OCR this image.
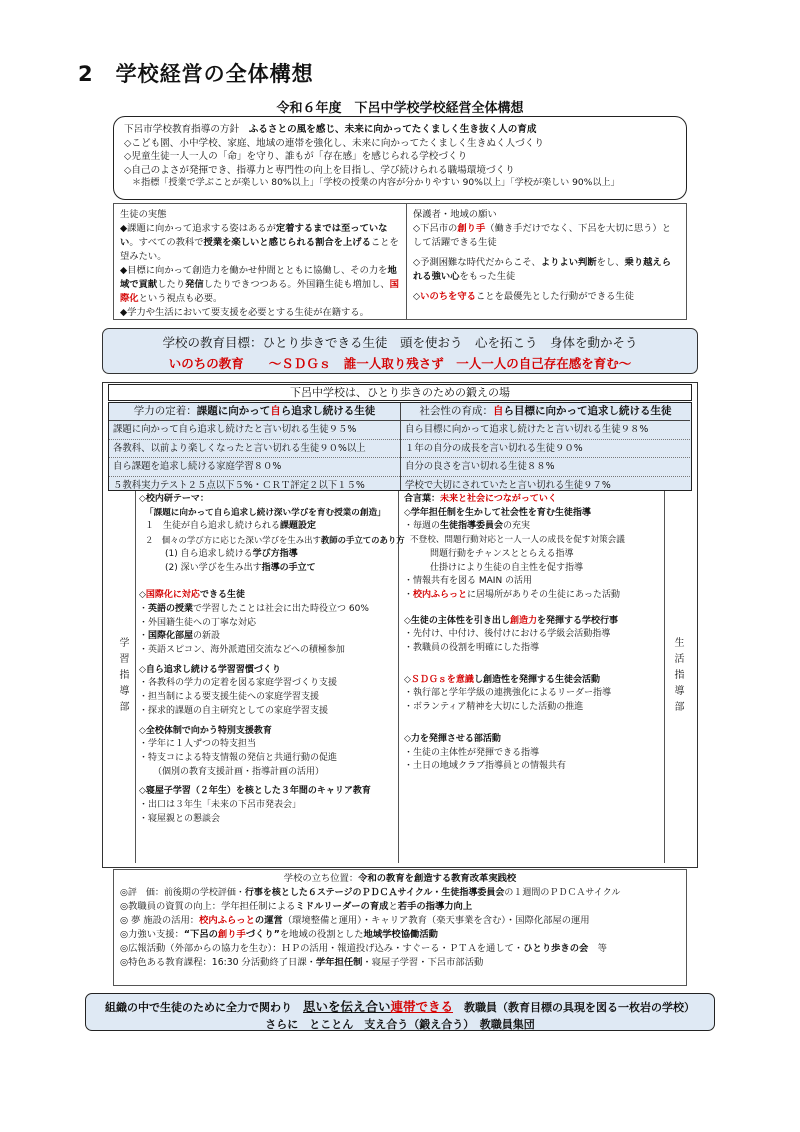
2　学校経営の全体構想
令和６年度　下呂中学校学校経営全体構想
下呂市学校教育指導の方針　 ふるさとの風を感じ、未来に向かってたくましく生き抜く人の育成
◇こども園、小中学校、家庭、地域の連帯を強化し、未来に向かってたくましく生きぬく人づくり
◇児童生徒一人一人の「命」を守り、誰もが「存在感」を感じられる学校づくり
◇自己のよさが発揮でき、指導力と専門性の向上を目指し、学び続けられる職場環境づくり
＊指標「授業で学ぶことが楽しい 80%以上」「学校の授業の内容が分かりやすい 90%以上」「学校が楽しい 90%以上」
生徒の実態
◆課題に向かって追求する姿はあるが定着するまでは至っていない。すべての教科で授業を楽しいと感じられる割合を上げることを望みたい。
◆目標に向かって創造力を働かせ仲間とともに協働し、その力を地域で貢献したり発信したりできつつある。外国籍生徒も増加し、国際化という視点も必要。
◆学力や生活において要支援を必要とする生徒が在籍する。
保護者・地域の願い
◇下呂市の創り手（働き手だけでなく、下呂を大切に思う）として活躍できる生徒
◇予測困難な時代だからこそ、よりよい判断をし、乗り越えられる強い心をもった生徒
◇いのちを守ることを最優先とした行動ができる生徒
学校の教育目標：ひとり歩きできる生徒　頭を使おう　心を拓こう　身体を動かそう
いのちの教育　　～ＳＤＧｓ　誰一人取り残さず　一人一人の自己存在感を育む～
下呂中学校は、ひとり歩きのための鍛えの場
学力の定着：課題に向かって自ら追求し続ける生徒
課題に向かって自ら追求し続けたと言い切れる生徒９５%
各教科、以前より楽しくなったと言い切れる生徒９０%以上
自ら課題を追求し続ける家庭学習８０%
５教科実力テスト２５点以下５%・ＣＲＴ評定２以下１５%
社会性の育成：自ら目標に向かって追求し続ける生徒
自ら目標に向かって追求し続けたと言い切れる生徒９８%
１年の自分の成長を言い切れる生徒９０%
自分の良さを言い切れる生徒８８%
学校で大切にされていたと言い切れる生徒９７%
学習指導部	生活指導部
◇校内研テーマ：
「課題に向かって自ら追求し続け深い学びを育む授業の創造」
１　生徒が自ら追求し続けられる課題設定
２　個々の学び方に応じた深い学びを生み出す教師の手立てのあり方
(1) 自ら追求し続ける学び方指導
(2) 深い学びを生み出す指導の手立て
◇国際化に対応できる生徒
・英語の授業で学習したことは社会に出た時役立つ 60%
・外国籍生徒への丁寧な対応
・国際化部屋の新設
・英語スピコン、海外派遣団交流などへの積極参加
◇自ら追求し続ける学習習慣づくり
・各教科の学力の定着を図る家庭学習づくり支援
・担当制による要支援生徒への家庭学習支援
・探求的課題の自主研究としての家庭学習支援
◇全校体制で向かう特別支援教育
・学年に１人ずつの特支担当
・特支コによる特支情報の発信と共通行動の促進
（個別の教育支援計画・指導計画の活用）
◇寝屋子学習（２年生）を核とした３年間のキャリア教育
・出口は３年生「未来の下呂市発表会」
・寝屋親との懇談会
合言葉：未来と社会につながっていく
◇学年担任制を生かして社会性を育む生徒指導
・毎週の生徒指導委員会の充実
不登校、問題行動対応と一人一人の成長を促す対策会議
問題行動をチャンスととらえる指導
仕掛けにより生徒の自主性を促す指導
・情報共有を図る MAIN の活用
・校内ふらっとに居場所がありその生徒にあった活動
◇生徒の主体性を引き出し創造力を発揮する学校行事
・先付け、中付け、後付けにおける学級会活動指導
・教職員の役割を明確にした指導
◇ＳＤＧｓを意識し創造性を発揮する生徒会活動
・執行部と学年学級の連携強化によるリーダー指導
・ボランティア精神を大切にした活動の推進
◇力を発揮させる部活動
・生徒の主体性が発揮できる指導
・土日の地域クラブ指導員との情報共有
学校の立ち位置：令和の教育を創造する教育改革実践校
◎評　価：前後期の学校評価・行事を核とした６ステージのＰＤＣＡサイクル・生徒指導委員会の１週間のＰＤＣＡサイクル
◎教職員の資質の向上：学年担任制によるミドルリーダーの育成と若手の指導力向上
◎ 夢 施設の活用：校内ふらっとの運営（環境整備と運用）・キャリア教育（楽天事業を含む）・国際化部屋の運用
◎力強い支援：“下呂の創り手づくり”を地域の役割とした地域学校協働活動
◎広報活動（外部からの協力を生む）：ＨＰの活用・報道投げ込み・すぐーる・ＰＴＡを通して・ひとり歩きの会　等
◎特色ある教育課程：16:30 分活動終了日課・学年担任制・寝屋子学習・下呂市部活動
組織の中で生徒のために全力で関わり　 思いを伝え合い連帯できる　 教職員（教育目標の具現を図る一枚岩の学校）
さらに　とことん　支え合う（鍛え合う）　教職員集団
